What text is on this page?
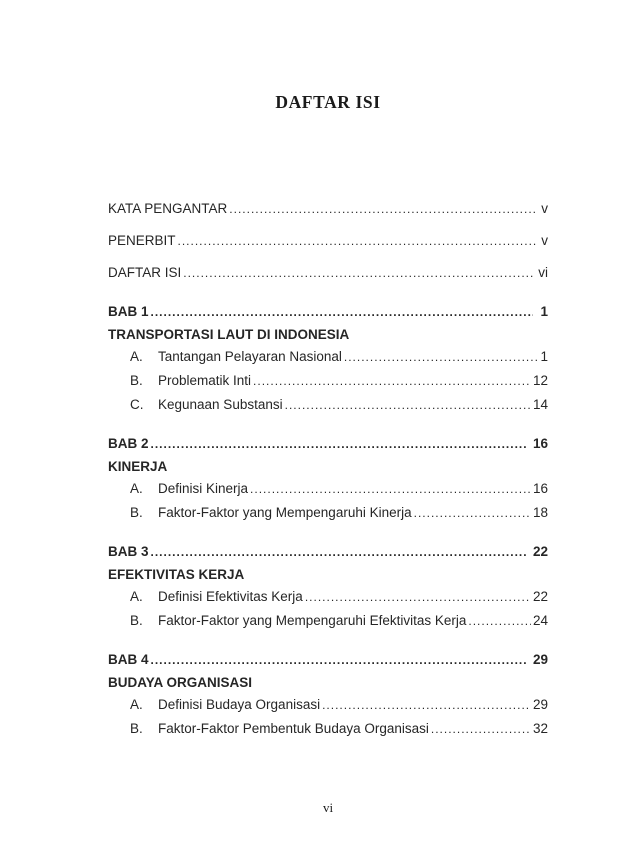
DAFTAR ISI
KATA PENGANTAR .....	v
PENERBIT .....	v
DAFTAR ISI .....	vi
BAB 1 .....	1
TRANSPORTASI LAUT DI INDONESIA
A.	Tantangan Pelayaran Nasional .....	1
B.	Problematik Inti .....	12
C.	Kegunaan Substansi .....	14
BAB 2 .....	16
KINERJA
A.	Definisi Kinerja .....	16
B.	Faktor-Faktor yang Mempengaruhi Kinerja .....	18
BAB 3 .....	22
EFEKTIVITAS KERJA
A.	Definisi Efektivitas Kerja .....	22
B.	Faktor-Faktor yang Mempengaruhi Efektivitas Kerja .....	24
BAB 4 .....	29
BUDAYA ORGANISASI
A.	Definisi Budaya Organisasi .....	29
B.	Faktor-Faktor Pembentuk Budaya Organisasi .....	32
vi
